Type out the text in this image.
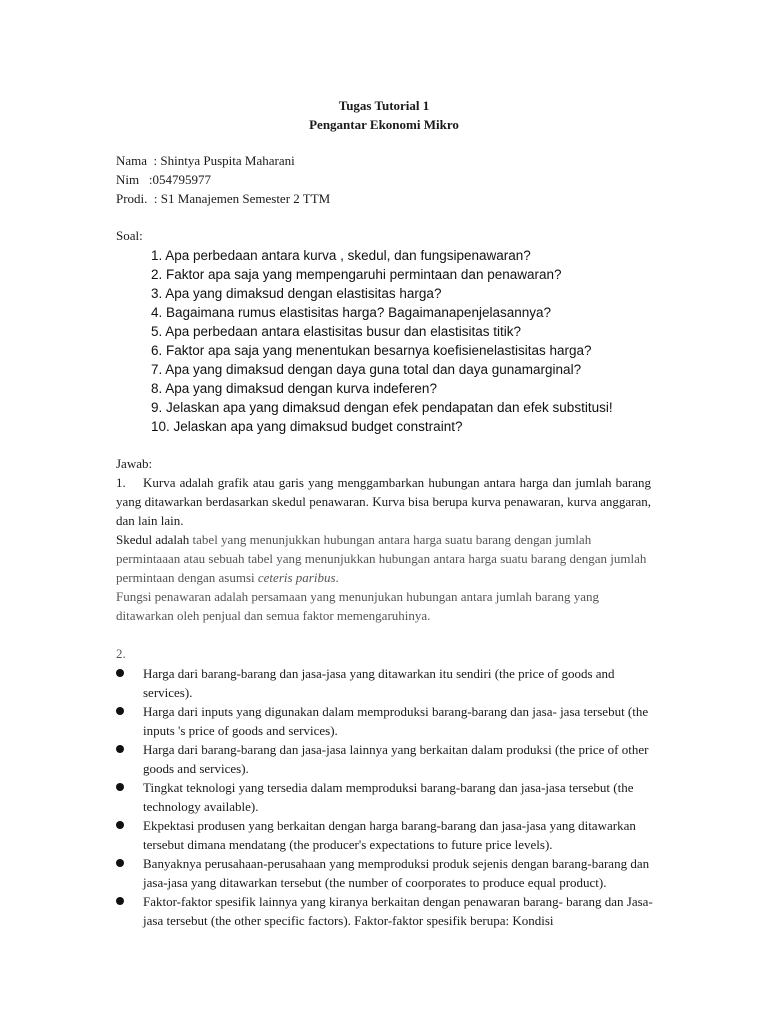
Tugas Tutorial 1
Pengantar Ekonomi Mikro
Nama  : Shintya Puspita Maharani
Nim   :054795977
Prodi.  : S1 Manajemen Semester 2 TTM
Soal:
1. Apa perbedaan antara kurva , skedul, dan fungsipenawaran?
2. Faktor apa saja yang mempengaruhi permintaan dan penawaran?
3. Apa yang dimaksud dengan elastisitas harga?
4. Bagaimana rumus elastisitas harga? Bagaimanapenjelasannya?
5. Apa perbedaan antara elastisitas busur dan elastisitas titik?
6. Faktor apa saja yang menentukan besarnya koefisienelastisitas harga?
7. Apa yang dimaksud dengan daya guna total dan daya gunamarginal?
8. Apa yang dimaksud dengan kurva indeferen?
9. Jelaskan apa yang dimaksud dengan efek pendapatan dan efek substitusi!
10. Jelaskan apa yang dimaksud budget constraint?
Jawab:
1. Kurva adalah grafik atau garis yang menggambarkan hubungan antara harga dan jumlah barang yang ditawarkan berdasarkan skedul penawaran. Kurva bisa berupa kurva penawaran, kurva anggaran, dan lain lain.
Skedul adalah tabel yang menunjukkan hubungan antara harga suatu barang dengan jumlah permintaaan atau sebuah tabel yang menunjukkan hubungan antara harga suatu barang dengan jumlah permintaan dengan asumsi ceteris paribus.
Fungsi penawaran adalah persamaan yang menunjukan hubungan antara jumlah barang yang ditawarkan oleh penjual dan semua faktor memengaruhinya.
2.
Harga dari barang-barang dan jasa-jasa yang ditawarkan itu sendiri (the price of goods and services).
Harga dari inputs yang digunakan dalam memproduksi barang-barang dan jasa- jasa tersebut (the inputs 's price of goods and services).
Harga dari barang-barang dan jasa-jasa lainnya yang berkaitan dalam produksi (the price of other goods and services).
Tingkat teknologi yang tersedia dalam memproduksi barang-barang dan jasa-jasa tersebut (the technology available).
Ekpektasi produsen yang berkaitan dengan harga barang-barang dan jasa-jasa yang ditawarkan tersebut dimana mendatang (the producer's expectations to future price levels).
Banyaknya perusahaan-perusahaan yang memproduksi produk sejenis dengan barang-barang dan jasa-jasa yang ditawarkan tersebut (the number of coorporates to produce equal product).
Faktor-faktor spesifik lainnya yang kiranya berkaitan dengan penawaran barang- barang dan Jasa-jasa tersebut (the other specific factors). Faktor-faktor spesifik berupa: Kondisi
